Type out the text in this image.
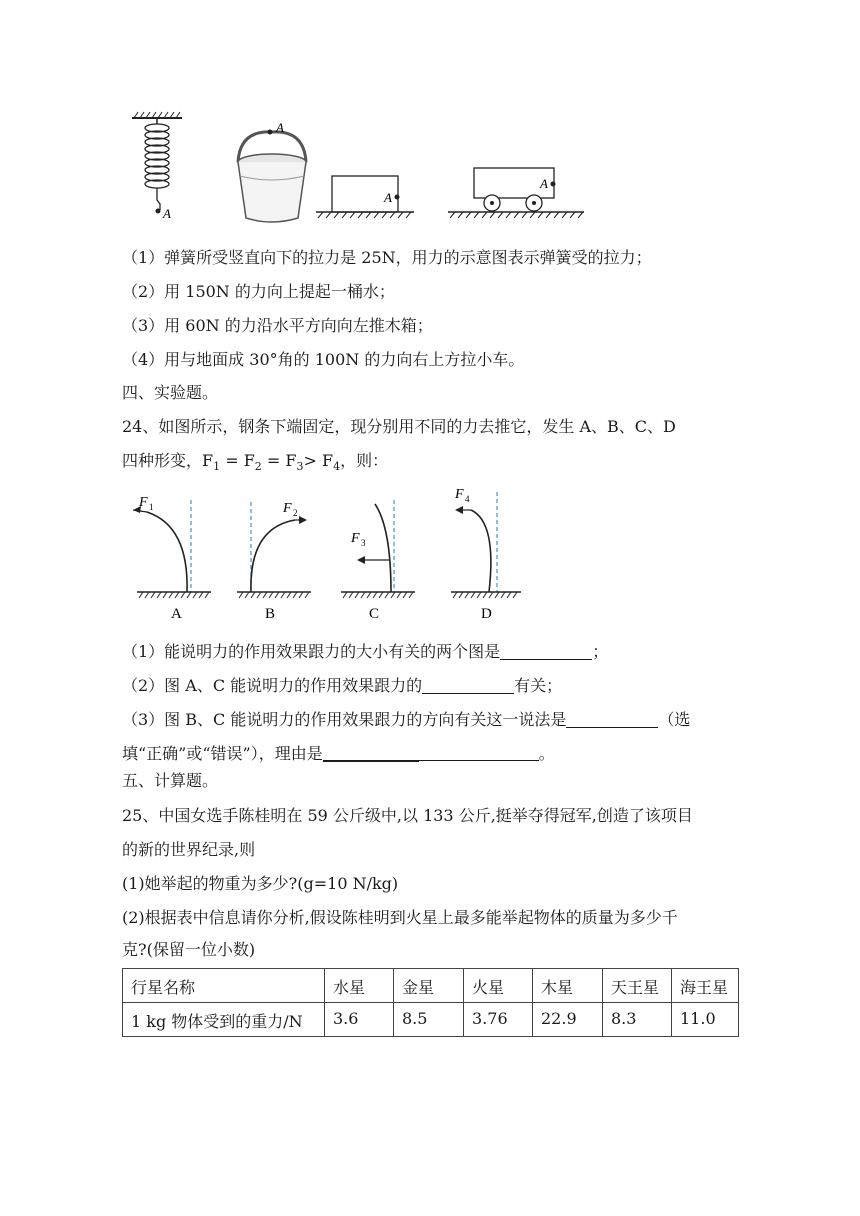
A
A
A
A
（1）弹簧所受竖直向下的拉力是 25N，用力的示意图表示弹簧受的拉力；
（2）用 150N 的力向上提起一桶水；
（3）用 60N 的力沿水平方向向左推木箱；
（4）用与地面成 30°角的 100N 的力向右上方拉小车。
四、实验题。
24、如图所示，钢条下端固定，现分别用不同的力去推它，发生 A、B、C、D
四种形变，$F_1 = F_2 = F_3> F_4$，则：
F 1
A
F 2
B
F 3
C
F 4
D
（1）能说明力的作用效果跟力的大小有关的两个图是	；
（2）图 A、C 能说明力的作用效果跟力的	有关；
（3）图 B、C 能说明力的作用效果跟力的方向有关这一说法是	（选
填“正确”或“错误”），理由是	。
五、计算题。
25、中国女选手陈桂明在 59 公斤级中,以 133 公斤,挺举夺得冠军,创造了该项目
的新的世界纪录,则
(1)她举起的物重为多少?(g=10 N/kg)
(2)根据表中信息请你分析,假设陈桂明到火星上最多能举起物体的质量为多少千
克?(保留一位小数)
行星名称	水星	金星	火星	木星	天王星	海王星
1 kg 物体受到的重力/N	3.6	8.5	3.76	22.9	8.3	11.0
